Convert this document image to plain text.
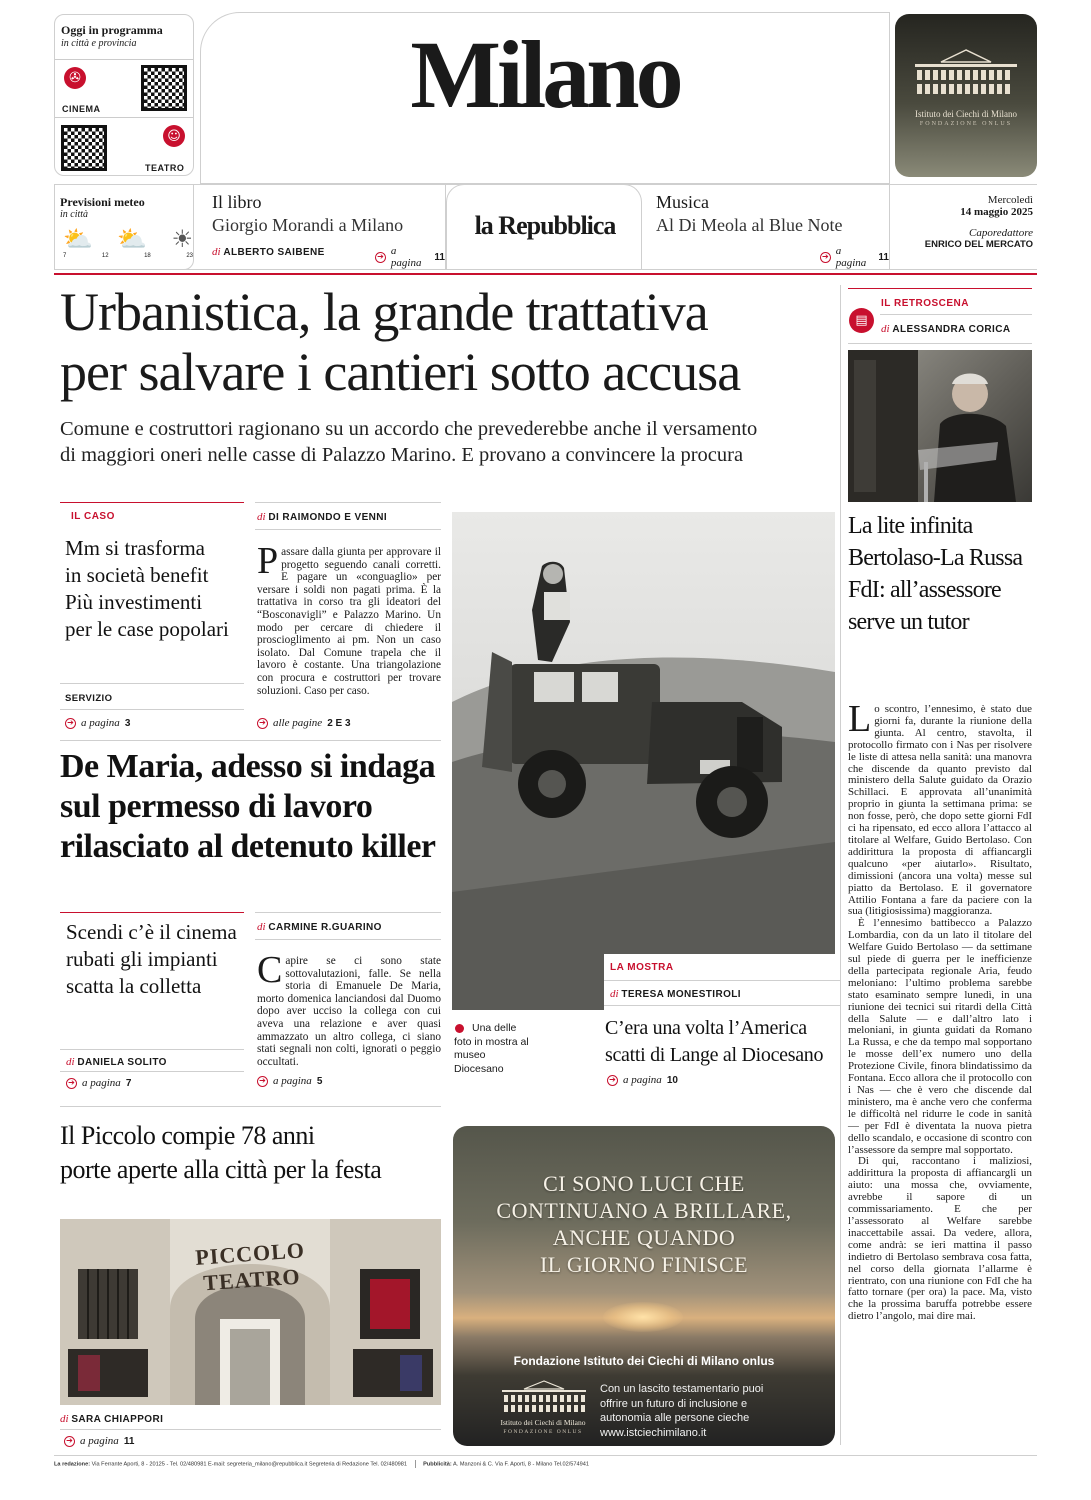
Oggi in programma
in città e provincia
✇
CINEMA
☺
TEATRO
Milano	Istituto dei Ciechi di Milano
FONDAZIONE ONLUS
Previsioni meteo
in città
⛅ ⛅ ☀
7	12	18	23
Il libro
Giorgio Morandi a Milano
di ALBERTO SAIBENE	➔ a pagina	11
la Repubblica
Musica
Al Di Meola al Blue Note
➔ a pagina	11
Mercoledì
14 maggio 2025
Caporedattore
ENRICO DEL MERCATO
Urbanistica, la grande trattativa
per salvare i cantieri sotto accusa
Comune e costruttori ragionano su un accordo che prevederebbe anche il versamento
di maggiori oneri nelle casse di Palazzo Marino. E provano a convincere la procura
IL CASO
Mm si trasforma
in società benefit
Più investimenti
per le case popolari
SERVIZIO
➔ a pagina 3
di DI RAIMONDO E VENNI

Passare dalla giunta per approvare il progetto seguendo canali corretti. E pagare un «conguaglio» per versare i soldi non pagati prima. È la trattativa in corso tra gli ideatori del “Bosconavigli” e Palazzo Marino. Un modo per cercare di chiedere il proscioglimento ai pm. Non un caso isolato. Dal Comune trapela che il lavoro è costante. Una triangolazione con procura e costruttori per trovare soluzioni. Caso per caso.

➔ alle pagine 2 E 3
De Maria, adesso si indaga
sul permesso di lavoro
rilasciato al detenuto killer
Scendi c’è il cinema
rubati gli impianti
scatta la colletta
di DANIELA SOLITO
➔ a pagina 7
di CARMINE R.GUARINO

Capire se ci sono state sottovalutazioni, falle. Se nella storia di Emanuele De Maria, morto domenica lanciandosi dal Duomo dopo aver ucciso la collega con cui aveva una relazione e aver quasi ammazzato un altro collega, ci siano stati segnali non colti, ignorati o peggio occultati.

➔ a pagina 5
Una delle
foto in mostra al
museo
Diocesano
LA MOSTRA
di TERESA MONESTIROLI
C’era una volta l’America
scatti di Lange al Diocesano
➔ a pagina 10
▤
IL RETROSCENA
di ALESSANDRA CORICA
La lite infinita
Bertolaso-La Russa
FdI: all’assessore
serve un tutor

Lo scontro, l’ennesimo, è stato due giorni fa, durante la riunione della giunta. Al centro, stavolta, il protocollo firmato con i Nas per risolvere le liste di attesa nella sanità: una manovra che discende da quanto previsto dal ministero della Salute guidato da Orazio Schillaci. E approvata all’unanimità proprio in giunta la settimana prima: se non fosse, però, che dopo sette giorni FdI ci ha ripensato, ed ecco allora l’attacco al titolare al Welfare, Guido Bertolaso. Con addirittura la proposta di affiancargli qualcuno «per aiutarlo». Risultato, dimissioni (ancora una volta) messe sul piatto da Bertolaso. E il governatore Attilio Fontana a fare da paciere con la sua (litigiosissima) maggioranza.

È l’ennesimo battibecco a Palazzo Lombardia, con da un lato il titolare del Welfare Guido Bertolaso — da settimane sul piede di guerra per le inefficienze della partecipata regionale Aria, feudo meloniano: l’ultimo problema sarebbe stato esaminato sempre lunedì, in una riunione dei tecnici sui ritardi della Città della Salute — e dall’altro lato i meloniani, in giunta guidati da Romano La Russa, e che da tempo mal sopportano le mosse dell’ex numero uno della Protezione Civile, finora blindatissimo da Fontana. Ecco allora che il protocollo con i Nas — che è vero che discende dal ministero, ma è anche vero che conferma le difficoltà nel ridurre le code in sanità — per FdI è diventata la nuova pietra dello scandalo, e occasione di scontro con l’assessore da sempre mal sopportato.

Di qui, raccontano i maliziosi, addirittura la proposta di affiancargli un aiuto: una mossa che, ovviamente, avrebbe il sapore di un commissariamento. E che per l’assessorato al Welfare sarebbe inaccettabile assai. Da vedere, allora, come andrà: se ieri mattina il passo indietro di Bertolaso sembrava cosa fatta, nel corso della giornata l’allarme è rientrato, con una riunione con FdI che ha fatto tornare (per ora) la pace. Ma, visto che la prossima baruffa potrebbe essere dietro l’angolo, mai dire mai.

Il Piccolo compie 78 anni
porte aperte alla città per la festa
PICCOLO TEATRO
di SARA CHIAPPORI
➔ a pagina 11
CI SONO LUCI CHE
CONTINUANO A BRILLARE,
ANCHE QUANDO
IL GIORNO FINISCE
Fondazione Istituto dei Ciechi di Milano onlus
Istituto dei Ciechi di Milano
FONDAZIONE ONLUS
Con un lascito testamentario puoi
offrire un futuro di inclusione e
autonomia alle persone cieche
www.istciechimilano.it
La redazione: Via Ferrante Aporti, 8 - 20125 - Tel. 02/480981 E-mail: segreteria_milano@repubblica.it Segreteria di Redazione Tel. 02/480981	Pubblicità: A. Manzoni & C. Via F. Aporti, 8 - Milano Tel.02/574941
